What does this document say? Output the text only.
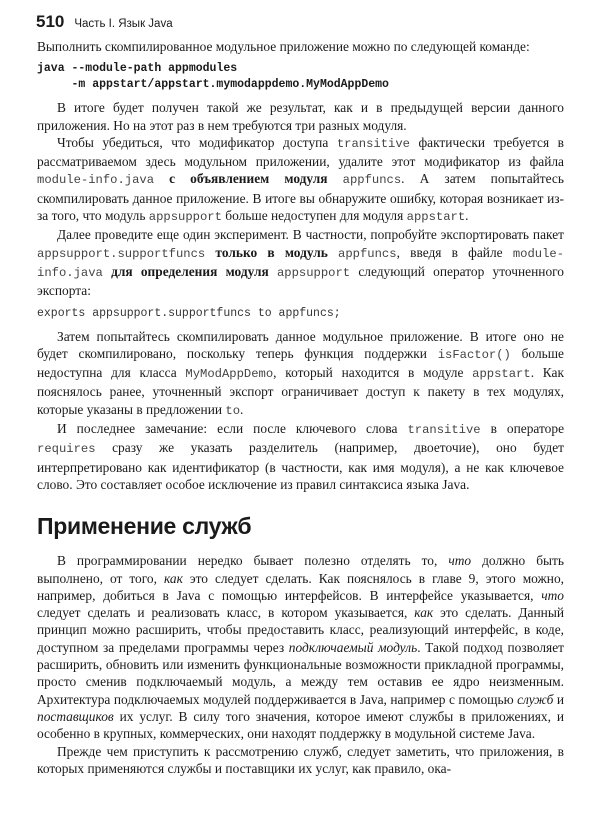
510 Часть I. Язык Java

Выполнить скомпилированное модульное приложение можно по следующей команде:

java --module-path appmodules
-m appstart/appstart.mymodappdemo.MyModAppDemo

В итоге будет получен такой же результат, как и в предыдущей версии данного приложения. Но на этот раз в нем требуются три разных модуля.

Чтобы убедиться, что модификатор доступа transitive фактически требуется в рассматриваемом здесь модульном приложении, удалите этот модификатор из файла module-info.java с объявлением модуля appfuncs. А затем попытайтесь скомпилировать данное приложение. В итоге вы обнаружите ошибку, которая возникает из-за того, что модуль appsupport больше недоступен для модуля appstart.

Далее проведите еще один эксперимент. В частности, попробуйте экспортировать пакет appsupport.supportfuncs только в модуль appfuncs, введя в файле module-info.java для определения модуля appsupport следующий оператор уточненного экспорта:

exports appsupport.supportfuncs to appfuncs;

Затем попытайтесь скомпилировать данное модульное приложение. В итоге оно не будет скомпилировано, поскольку теперь функция поддержки isFactor() больше недоступна для класса MyModAppDemo, который находится в модуле appstart. Как пояснялось ранее, уточненный экспорт ограничивает доступ к пакету в тех модулях, которые указаны в предложении to.

И последнее замечание: если после ключевого слова transitive в операторе requires сразу же указать разделитель (например, двоеточие), оно будет интерпретировано как идентификатор (в частности, как имя модуля), а не как ключевое слово. Это составляет особое исключение из правил синтаксиса языка Java.

Применение служб

В программировании нередко бывает полезно отделять то, что должно быть выполнено, от того, как это следует сделать. Как пояснялось в главе 9, этого можно, например, добиться в Java с помощью интерфейсов. В интерфейсе указывается, что следует сделать и реализовать класс, в котором указывается, как это сделать. Данный принцип можно расширить, чтобы предоставить класс, реализующий интерфейс, в коде, доступном за пределами программы через подключаемый модуль. Такой подход позволяет расширить, обновить или изменить функциональные возможности прикладной программы, просто сменив подключаемый модуль, а между тем оставив ее ядро неизменным. Архитектура подключаемых модулей поддерживается в Java, например с помощью служб и поставщиков их услуг. В силу того значения, которое имеют службы в приложениях, и особенно в крупных, коммерческих, они находят поддержку в модульной системе Java.

Прежде чем приступить к рассмотрению служб, следует заметить, что приложения, в которых применяются службы и поставщики их услуг, как правило, ока-
